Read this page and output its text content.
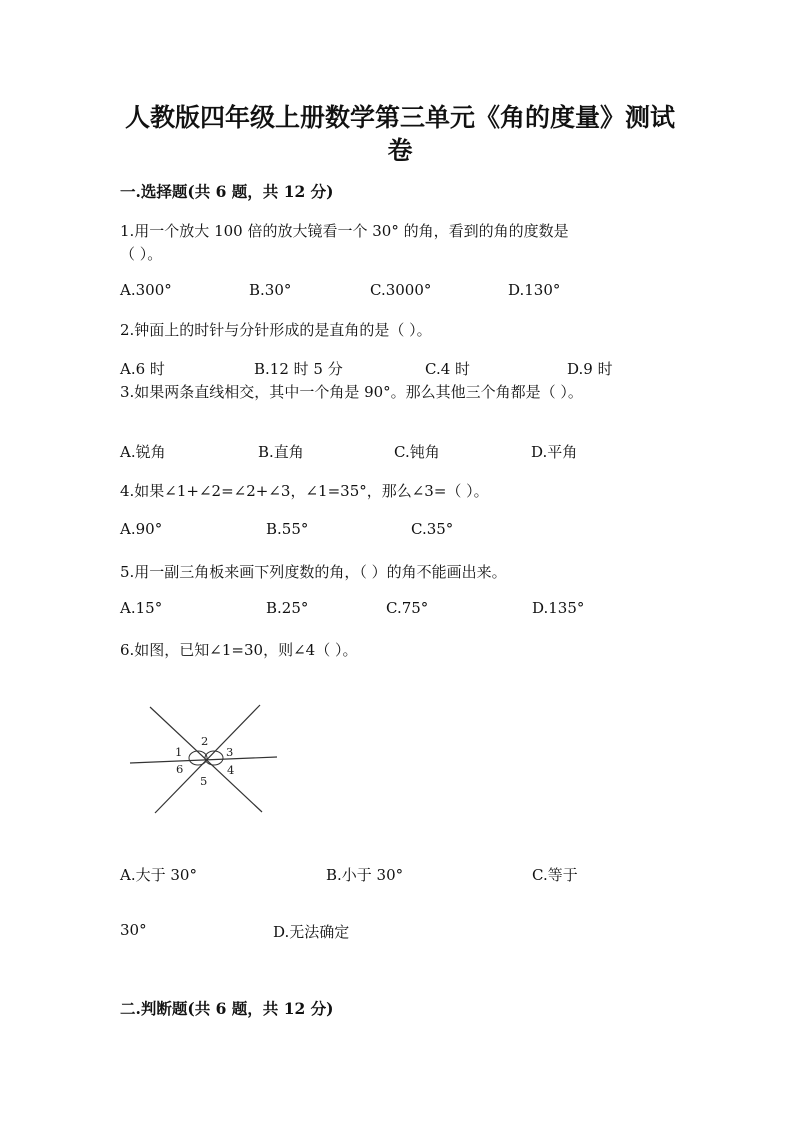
人教版四年级上册数学第三单元《角的度量》测试
卷
一.选择题(共 6 题，共 12 分)
1.用一个放大 100 倍的放大镜看一个 30° 的角，看到的角的度数是
（ ）。
A.300°	B.30°	C.3000°	D.130°
2.钟面上的时针与分针形成的是直角的是（ ）。
A.6 时	B.12 时 5 分	C.4 时	D.9 时
3.如果两条直线相交，其中一个角是 90°。那么其他三个角都是（ ）。
A.锐角	B.直角	C.钝角	D.平角
4.如果∠1+∠2=∠2+∠3，∠1=35°，那么∠3=（ ）。
A.90°	B.55°	C.35°
5.用一副三角板来画下列度数的角，（ ）的角不能画出来。
A.15°	B.25°	C.75°	D.135°
6.如图，已知∠1=30，则∠4（ ）。
1
2
3
4
5
6
A.大于 30°	B.小于 30°	C.等于
30°	D.无法确定
二.判断题(共 6 题，共 12 分)
